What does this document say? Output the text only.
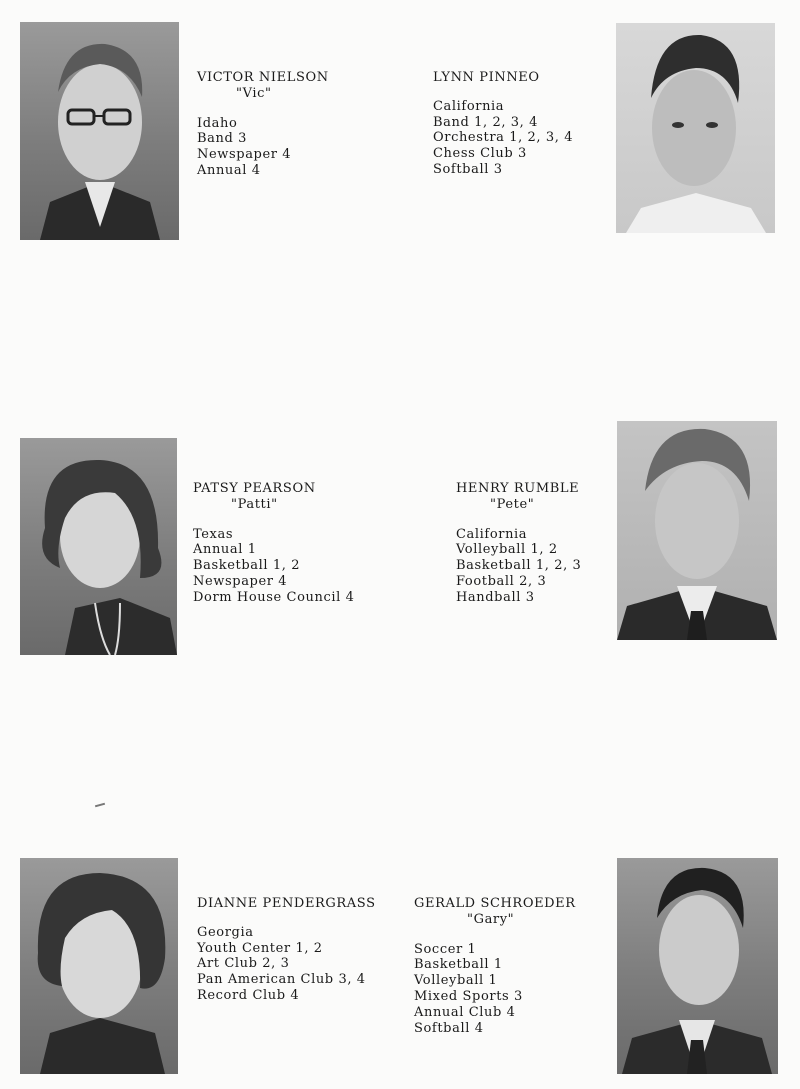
VICTOR NIELSON
"Vic"
Idaho
Band 3
Newspaper 4
Annual 4
LYNN PINNEO
California
Band 1, 2, 3, 4
Orchestra 1, 2, 3, 4
Chess Club 3
Softball 3
PATSY PEARSON
"Patti"
Texas
Annual 1
Basketball 1, 2
Newspaper 4
Dorm House Council 4
HENRY RUMBLE
"Pete"
California
Volleyball 1, 2
Basketball 1, 2, 3
Football 2, 3
Handball 3
DIANNE PENDERGRASS
Georgia
Youth Center 1, 2
Art Club 2, 3
Pan American Club 3, 4
Record Club 4
GERALD SCHROEDER
"Gary"
Soccer 1
Basketball 1
Volleyball 1
Mixed Sports 3
Annual Club 4
Softball 4
